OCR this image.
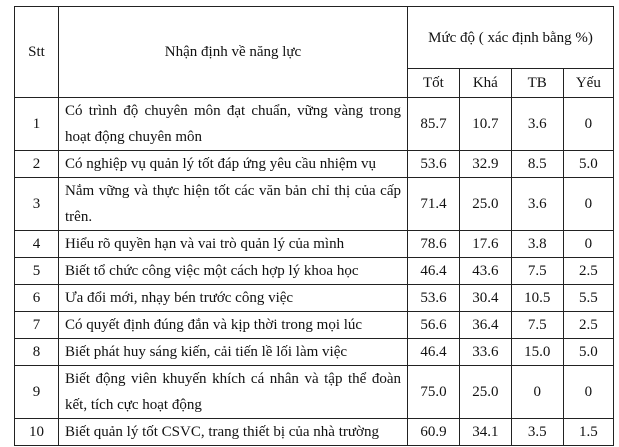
Stt	Nhận định về năng lực	Mức độ ( xác định bằng %)			
		Tốt	Khá	TB	Yếu
1	Có trình độ chuyên môn đạt chuẩn, vững vàng trong hoạt động chuyên môn	85.7	10.7	3.6	0
2	Có nghiệp vụ quản lý tốt đáp ứng yêu cầu nhiệm vụ	53.6	32.9	8.5	5.0
3	Nắm vững và thực hiện tốt các văn bản chỉ thị của cấp trên.	71.4	25.0	3.6	0
4	Hiểu rõ quyền hạn và vai trò quản lý của mình	78.6	17.6	3.8	0
5	Biết tổ chức công việc một cách hợp lý khoa học	46.4	43.6	7.5	2.5
6	Ưa đổi mới, nhạy bén trước công việc	53.6	30.4	10.5	5.5
7	Có quyết định đúng đắn và kịp thời trong mọi lúc	56.6	36.4	7.5	2.5
8	Biết phát huy sáng kiến, cải tiến lề lối làm việc	46.4	33.6	15.0	5.0
9	Biết động viên khuyến khích cá nhân và tập thể đoàn kết, tích cực hoạt động	75.0	25.0	0	0
10	Biết quản lý tốt CSVC, trang thiết bị của nhà trường	60.9	34.1	3.5	1.5
